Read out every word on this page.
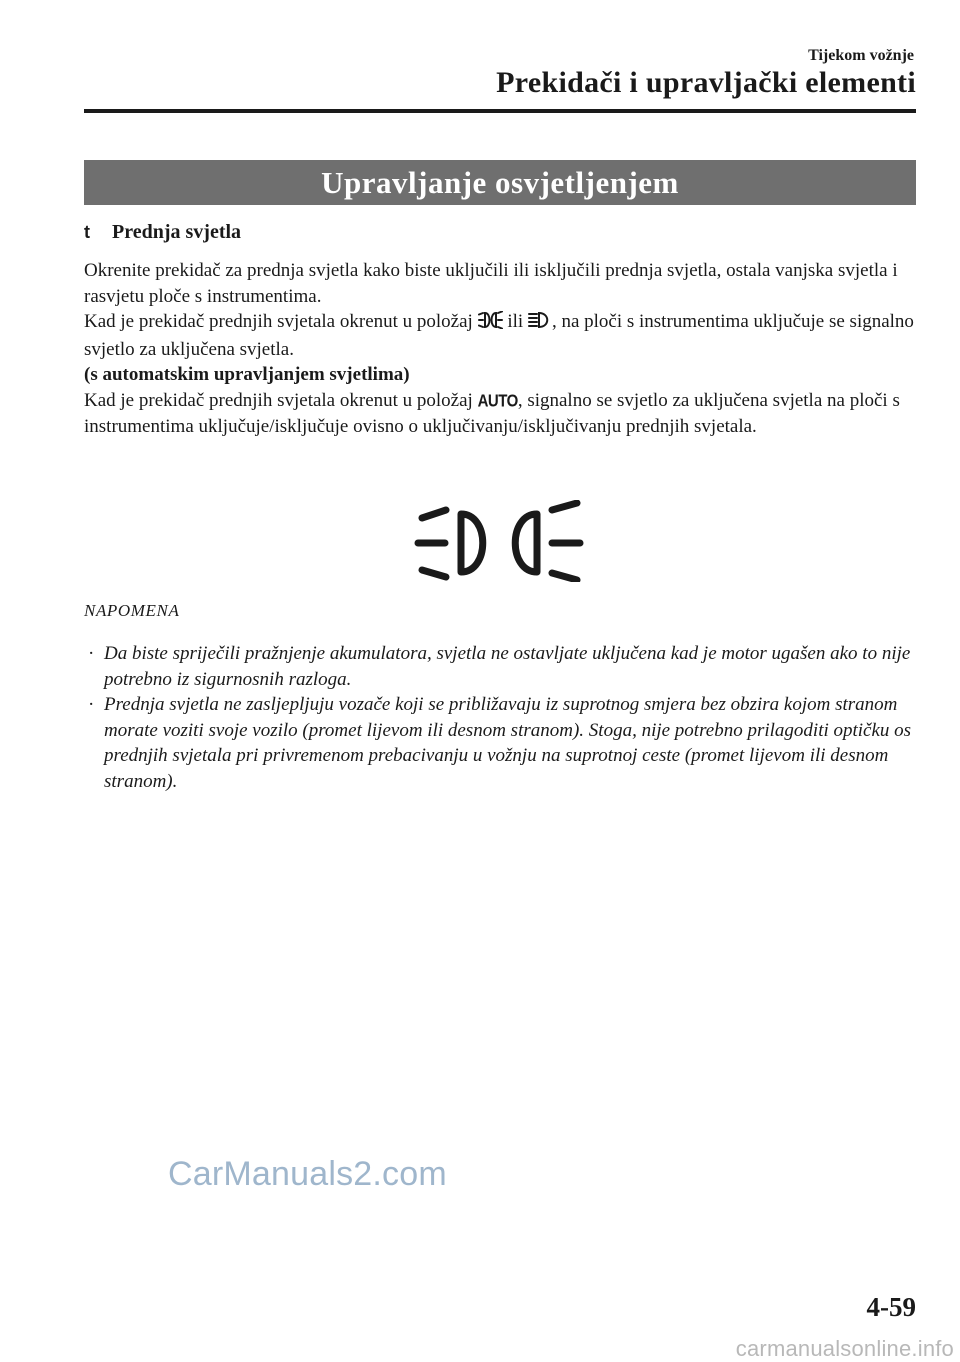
Tijekom vožnje
Prekidači i upravljački elementi
Upravljanje osvjetljenjem
t	Prednja svjetla

Okrenite prekidač za prednja svjetla kako biste uključili ili isključili prednja svjetla, ostala vanjska svjetla i rasvjetu ploče s instrumentima.

Kad je prekidač prednjih svjetala okrenut u položaj  ili , na ploči s instrumentima uključuje se signalno svjetlo za uključena svjetla.

(s automatskim upravljanjem svjetlima)

Kad je prekidač prednjih svjetala okrenut u položaj AUTO, signalno se svjetlo za uključena svjetla na ploči s instrumentima uključuje/isključuje ovisno o uključivanju/isključivanju prednjih svjetala.

NAPOMENA
· Da biste spriječili pražnjenje akumulatora, svjetla ne ostavljate uključena kad je motor ugašen ako to nije potrebno iz sigurnosnih razloga.
· Prednja svjetla ne zasljepljuju vozače koji se približavaju iz suprotnog smjera bez obzira kojom stranom morate voziti svoje vozilo (promet lijevom ili desnom stranom). Stoga, nije potrebno prilagoditi optičku os prednjih svjetala pri privremenom prebacivanju u vožnju na suprotnoj ceste (promet lijevom ili desnom stranom).
CarManuals2.com
4-59
carmanualsonline.info
